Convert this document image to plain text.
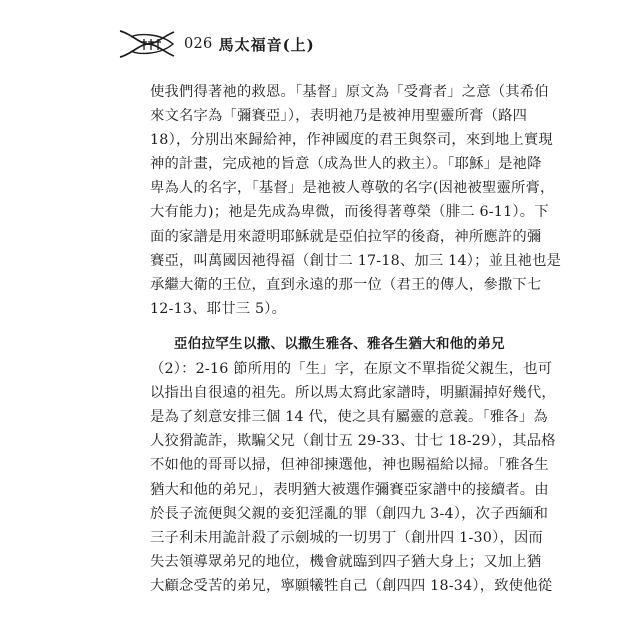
026 馬太福音(上)
使我們得著祂的救恩。「基督」原文為「受膏者」之意（其希伯
來文名字為「彌賽亞」），表明祂乃是被神用聖靈所膏（路四
18），分別出來歸給神，作神國度的君王與祭司，來到地上實現
神的計畫，完成祂的旨意（成為世人的救主）。「耶穌」是祂降
卑為人的名字，「基督」是祂被人尊敬的名字(因祂被聖靈所膏，
大有能力)；祂是先成為卑微，而後得著尊榮（腓二 6-11）。下
面的家譜是用來證明耶穌就是亞伯拉罕的後裔，神所應許的彌
賽亞，叫萬國因祂得福（創廿二 17-18、加三 14）；並且祂也是
承繼大衛的王位，直到永遠的那一位（君王的傳人，參撒下七
12-13、耶廿三 5）。
亞伯拉罕生以撒、以撒生雅各、雅各生猶大和他的弟兄
（2）：2-16 節所用的「生」字，在原文不單指從父親生，也可
以指出自很遠的祖先。所以馬太寫此家譜時，明顯漏掉好幾代，
是為了刻意安排三個 14 代，使之具有屬靈的意義。「雅各」為
人狡猾詭詐，欺騙父兄（創廿五 29-33、廿七 18-29），其品格
不如他的哥哥以掃，但神卻揀選他，神也賜福給以掃。「雅各生
猶大和他的弟兄」，表明猶大被選作彌賽亞家譜中的接續者。由
於長子流便與父親的妾犯淫亂的罪（創四九 3-4），次子西緬和
三子利未用詭計殺了示劍城的一切男丁（創卅四 1-30），因而
失去領導眾弟兄的地位，機會就臨到四子猶大身上；又加上猶
大顧念受苦的弟兄，寧願犧牲自己（創四四 18-34），致使他從
